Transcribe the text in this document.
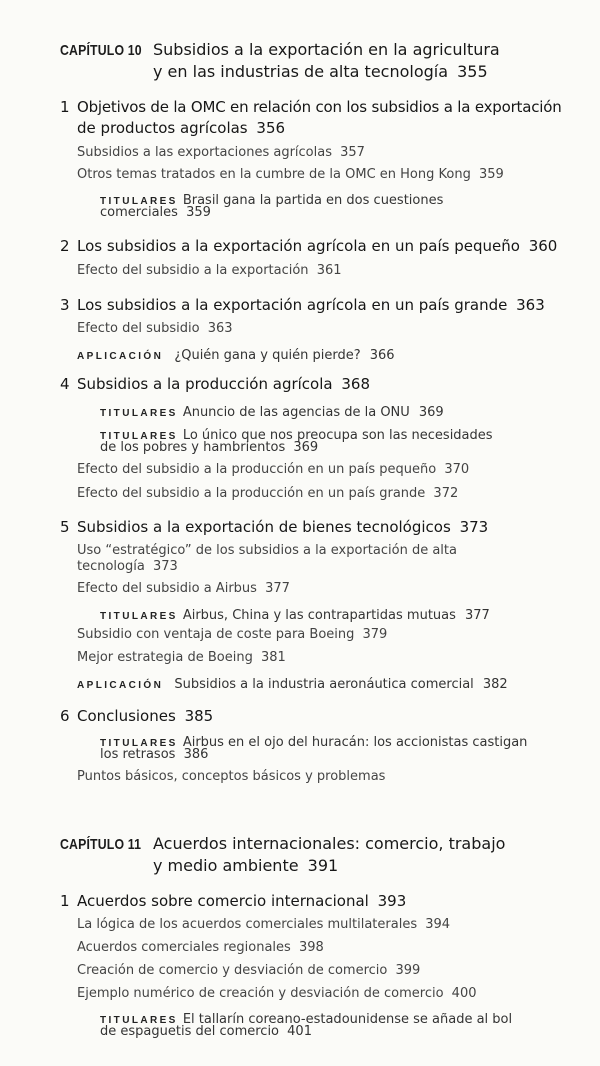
CAPÍTULO 10 Subsidios a la exportación en la agricultura
y en las industrias de alta tecnología 355
1 Objetivos de la OMC en relación con los subsidios a la exportación
de productos agrícolas 356
Subsidios a las exportaciones agrícolas 357
Otros temas tratados en la cumbre de la OMC en Hong Kong 359
TITULARES Brasil gana la partida en dos cuestiones
comerciales 359
2 Los subsidios a la exportación agrícola en un país pequeño 360
Efecto del subsidio a la exportación 361
3 Los subsidios a la exportación agrícola en un país grande 363
Efecto del subsidio 363
APLICACIÓN ¿Quién gana y quién pierde? 366
4 Subsidios a la producción agrícola 368
TITULARES Anuncio de las agencias de la ONU 369
TITULARES Lo único que nos preocupa son las necesidades
de los pobres y hambrientos 369
Efecto del subsidio a la producción en un país pequeño 370
Efecto del subsidio a la producción en un país grande 372
5 Subsidios a la exportación de bienes tecnológicos 373
Uso “estratégico” de los subsidios a la exportación de alta
tecnología 373
Efecto del subsidio a Airbus 377
TITULARES Airbus, China y las contrapartidas mutuas 377
Subsidio con ventaja de coste para Boeing 379
Mejor estrategia de Boeing 381
APLICACIÓN Subsidios a la industria aeronáutica comercial 382
6 Conclusiones 385
TITULARES Airbus en el ojo del huracán: los accionistas castigan
los retrasos 386
Puntos básicos, conceptos básicos y problemas
CAPÍTULO 11 Acuerdos internacionales: comercio, trabajo
y medio ambiente 391
1 Acuerdos sobre comercio internacional 393
La lógica de los acuerdos comerciales multilaterales 394
Acuerdos comerciales regionales 398
Creación de comercio y desviación de comercio 399
Ejemplo numérico de creación y desviación de comercio 400
TITULARES El tallarín coreano-estadounidense se añade al bol
de espaguetis del comercio 401
